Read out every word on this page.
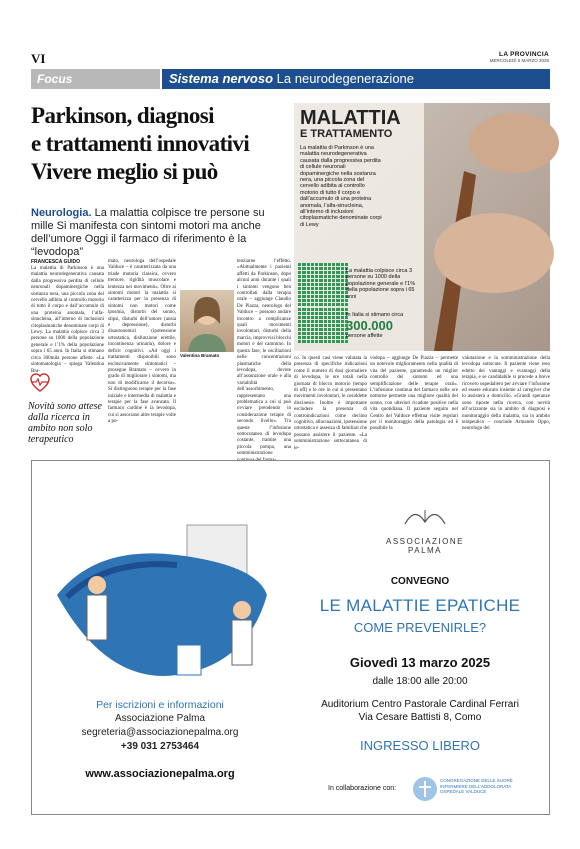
VI	LA PROVINCIA
MERCOLEDÌ 5 MARZO 2025
Focus	Sistema nervoso La neurodegenerazione
Parkinson, diagnosi
e trattamenti innovativi
Vivere meglio si può
Neurologia. La malattia colpisce tre persone su mille Si manifesta con sintomi motori ma anche dell’umore Oggi il farmaco di riferimento è la “levodopa”
FRANCESCA GUIDO
La malattia di Parkinson è una malattia neurodegenerativa causata dalla progressiva perdita di cellule neuronali dopaminergiche nella sostanza nera, una piccola zona del cervello adibita al controllo motorio di tutto il corpo e dall’accumulo di una proteina anomala, l’alfa-sinucleina, all’interno di inclusioni citoplasmatiche denominate corpi di Lewy. La malattia colpisce circa 3 persone su 1000 della popolazione generale e l’1% della popolazione sopra i 65 anni. In Italia si stimano circa 300mila persone affette. «La sintomatologia – spiega Valentina Bra-
Novità sono attese dalla ricerca in ambito non solo terapeutico
mato, neurologa dell’ospedale Valduce – è caratterizzata da una triade motoria classica, ovvero tremore, rigidità muscolare e lentezza nei movimenti». Oltre ai sintomi motori la malattia si caratterizza per la presenza di sintomi non motori come iposmia, disturbi del sonno, stipsi, disturbi dell’umore (ansia e depressione), disturbi disautonomici (ipotensione ortostatica, disfunzione erettile, incontinenza urinaria), dolore e deficit cognitivi. «Ad oggi i trattamenti disponibili sono esclusivamente sintomatici – prosegue Bramato – ovvero in grado di migliorare i sintomi, ma non di modificarne il decorso». Si distinguono terapie per la fase iniziale e intermedia di malattia e terapie per la fase avanzata. Il farmaco cardine è la levodopa, cui si associano altre terapie volte a po-
Valentina Bramato
tenziarne l’effetto. «Abitualmente i pazienti affetti da Parkinson, dopo alcuni anni durante i quali i sintomi vengono ben controllati dalla terapia orale – aggiunge Claudio De Piazza, neurologo del Valduce – possono andare incontro a complicanze quali movimenti involontari, disturbi della marcia, improvvisi blocchi motori e del cammino. In questa fase, le oscillazioni nelle concentrazioni plasmatiche della levodopa, dovute all’assunzione orale e alla variabilità dell’assorbimento, rappresentano una problematica a cui si può ovviare prendendo in considerazione terapie di secondo livello». Tra queste l’infusione sottocutanea di levodopa costante, tramite una piccola pompa, una somministrazione
co. In questi casi viene valutata la presenza di specifiche indicazioni come il numero di dosi giornaliere di levodopa, le ore totali nella giornata di blocco motorio (tempo di off) e le ore in cui si presentano movimenti involontari, le cosiddette discinesie. Inoltre è importante escludere la presenza di controindicazioni come declino cognitivo, allucinazioni, ipotensione ortostatica e assenza di familiari che possano assistere il paziente. «La somministrazione sottocutanea di le-
vodopa – aggiunge De Piazza – permette un notevole miglioramento nella qualità di vita del paziente, garantendo un miglior controllo dei sintomi ed una semplificazione delle terapie orali». L’infusione continua del farmaco nelle ore notturne permette una migliore qualità del sonno, con ulteriori ricadute positive nella vita quotidiana. Il paziente seguito nel Centro del Valduce effettua visite regolari per il monitoraggio della patologia ed è possibile la
valutazione e la somministrazione della levodopa sottocute. Il paziente viene reso edotto dei vantaggi e svantaggi della terapia, e se candidabile si procede a breve ricovero ospedaliero per avviare l’infusione ed essere educato insieme al caregiver che lo assisterà a domicilio. «Grandi speranze sono riposte nella ricerca, con novità all’orizzonte sia in ambito di diagnosi e monitoraggio della malattia, sia in ambito terapeutico – conclude Armando Oppo, neurologo del
MALATTIA
E TRATTAMENTO
La malattia di Parkinson è una malattia neurodegenerativa causata dalla progressiva perdita di cellule neuronali dopaminergiche nella sostanza nera, una piccola zona del cervello adibita al controllo motorio di tutto il corpo e dall’accumulo di una proteina anomala, l’alfa-sinucleina, all’interno di inclusioni citoplasmatiche denominate corpi di Lewy
La malattia colpisce circa 3 persone su 1000 della popolazione generale e l’1% della popolazione sopra i 65 anni
In Italia si stimano circa
300.000
persone affette
ASSOCIAZIONE
PALMA
CONVEGNO
LE MALATTIE EPATICHE
COME PREVENIRLE?
Giovedì 13 marzo 2025
dalle 18:00 alle 20:00
Auditorium Centro Pastorale Cardinal Ferrari
Via Cesare Battisti 8, Como
INGRESSO LIBERO
Per iscrizioni e informazioni
Associazione Palma
segreteria@associazionepalma.org
+39 031 2753464
www.associazionepalma.org
In collaborazione con:
CONGREGAZIONE DELLE SUORE INFERMIERE DELL’ADDOLORATA OSPEDALE VALDUCE
